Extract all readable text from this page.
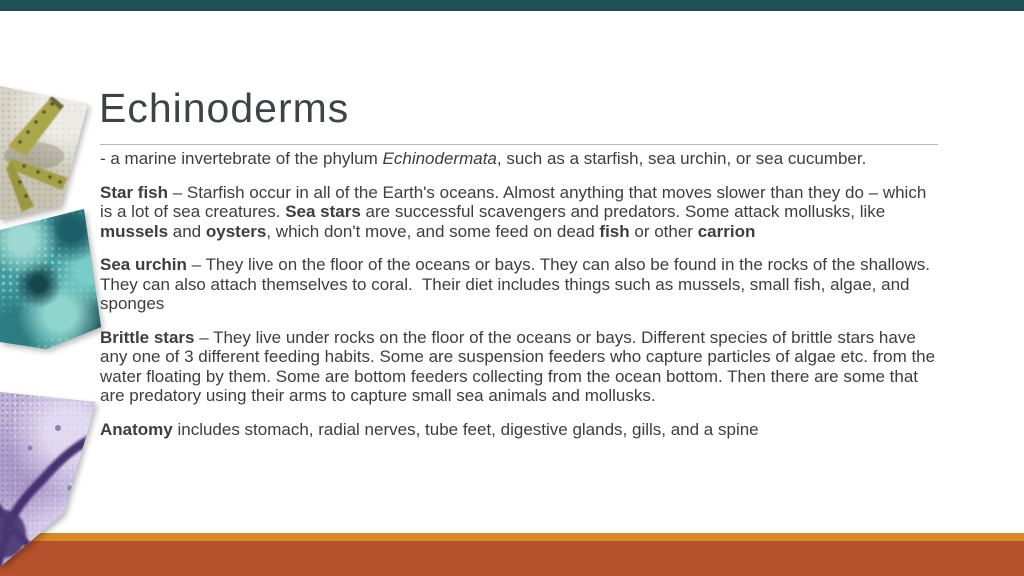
Echinoderms

- a marine invertebrate of the phylum Echinodermata, such as a starfish, sea urchin, or sea cucumber.

Star fish – Starfish occur in all of the Earth's oceans. Almost anything that moves slower than they do – which is a lot of sea creatures. Sea stars are successful scavengers and predators. Some attack mollusks, like mussels and oysters, which don't move, and some feed on dead fish or other carrion

Sea urchin – They live on the floor of the oceans or bays. They can also be found in the rocks of the shallows. They can also attach themselves to coral.  Their diet includes things such as mussels, small fish, algae, and sponges

Brittle stars – They live under rocks on the floor of the oceans or bays. Different species of brittle stars have any one of 3 different feeding habits. Some are suspension feeders who capture particles of algae etc. from the water floating by them. Some are bottom feeders collecting from the ocean bottom. Then there are some that are predatory using their arms to capture small sea animals and mollusks.

Anatomy includes stomach, radial nerves, tube feet, digestive glands, gills, and a spine
